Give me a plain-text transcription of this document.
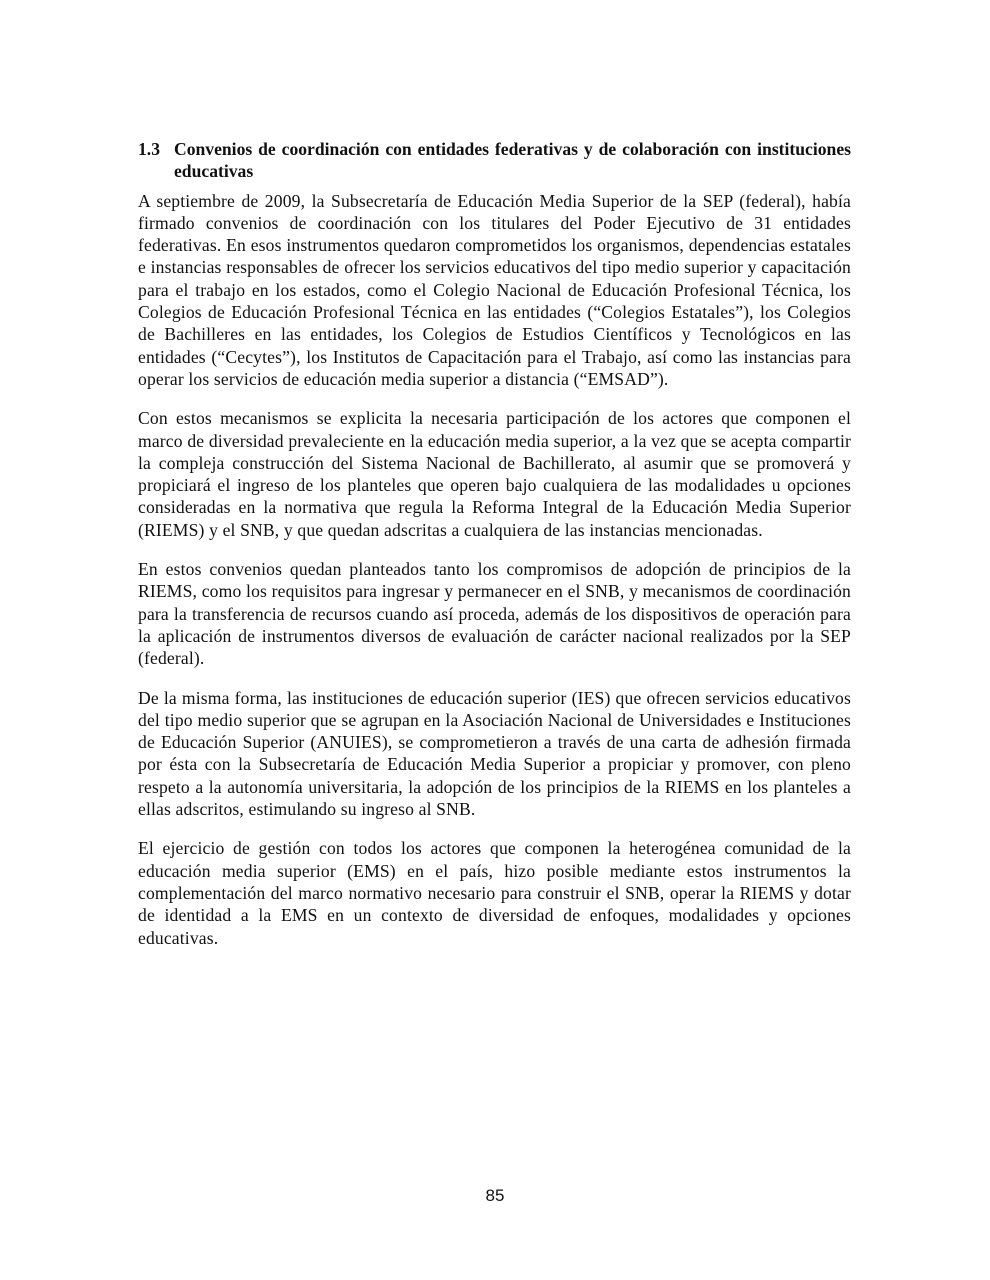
1.3 Convenios de coordinación con entidades federativas y de colaboración con instituciones educativas

A septiembre de 2009, la Subsecretaría de Educación Media Superior de la SEP (federal), había firmado convenios de coordinación con los titulares del Poder Ejecutivo de 31 entidades federativas. En esos instrumentos quedaron comprometidos los organismos, dependencias estatales e instancias responsables de ofrecer los servicios educativos del tipo medio superior y capacitación para el trabajo en los estados, como el Colegio Nacional de Educación Profesional Técnica, los Colegios de Educación Profesional Técnica en las entidades (“Colegios Estatales”), los Colegios de Bachilleres en las entidades, los Colegios de Estudios Científicos y Tecnológicos en las entidades (“Cecytes”), los Institutos de Capacitación para el Trabajo, así como las instancias para operar los servicios de educación media superior a distancia (“EMSAD”).

Con estos mecanismos se explicita la necesaria participación de los actores que componen el marco de diversidad prevaleciente en la educación media superior, a la vez que se acepta compartir la compleja construcción del Sistema Nacional de Bachillerato, al asumir que se promoverá y propiciará el ingreso de los planteles que operen bajo cualquiera de las modalidades u opciones consideradas en la normativa que regula la Reforma Integral de la Educación Media Superior (RIEMS) y el SNB, y que quedan adscritas a cualquiera de las instancias mencionadas.

En estos convenios quedan planteados tanto los compromisos de adopción de principios de la RIEMS, como los requisitos para ingresar y permanecer en el SNB, y mecanismos de coordinación para la transferencia de recursos cuando así proceda, además de los dispositivos de operación para la aplicación de instrumentos diversos de evaluación de carácter nacional realizados por la SEP (federal).

De la misma forma, las instituciones de educación superior (IES) que ofrecen servicios educativos del tipo medio superior que se agrupan en la Asociación Nacional de Universidades e Instituciones de Educación Superior (ANUIES), se comprometieron a través de una carta de adhesión firmada por ésta con la Subsecretaría de Educación Media Superior a propiciar y promover, con pleno respeto a la autonomía universitaria, la adopción de los principios de la RIEMS en los planteles a ellas adscritos, estimulando su ingreso al SNB.

El ejercicio de gestión con todos los actores que componen la heterogénea comunidad de la educación media superior (EMS) en el país, hizo posible mediante estos instrumentos la complementación del marco normativo necesario para construir el SNB, operar la RIEMS y dotar de identidad a la EMS en un contexto de diversidad de enfoques, modalidades y opciones educativas.

85
